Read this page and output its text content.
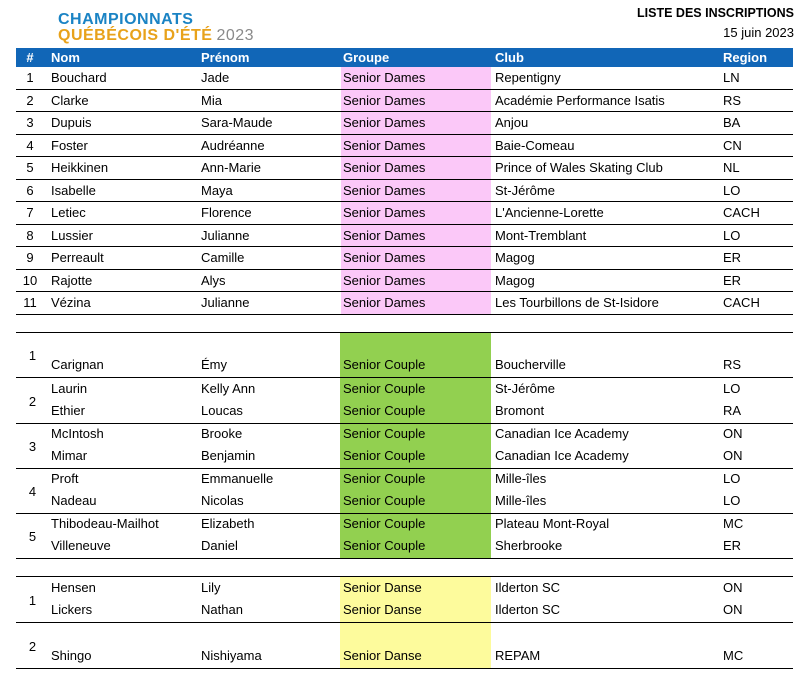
CHAMPIONNATS
QUÉBÉCOIS D'ÉTÉ 2023
LISTE DES INSCRIPTIONS
15 juin 2023
#	Nom	Prénom	Groupe	Club	Region
1	Bouchard	Jade	Senior Dames	Repentigny	LN
2	Clarke	Mia	Senior Dames	Académie Performance Isatis	RS
3	Dupuis	Sara-Maude	Senior Dames	Anjou	BA
4	Foster	Audréanne	Senior Dames	Baie-Comeau	CN
5	Heikkinen	Ann-Marie	Senior Dames	Prince of Wales Skating Club	NL
6	Isabelle	Maya	Senior Dames	St-Jérôme	LO
7	Letiec	Florence	Senior Dames	L'Ancienne-Lorette	CACH
8	Lussier	Julianne	Senior Dames	Mont-Tremblant	LO
9	Perreault	Camille	Senior Dames	Magog	ER
10	Rajotte	Alys	Senior Dames	Magog	ER
11	Vézina	Julianne	Senior Dames	Les Tourbillons de St-Isidore	CACH
1
Carignan	Émy	Senior Couple	Boucherville	RS
2
Laurin	Kelly Ann	Senior Couple	St-Jérôme	LO
Ethier	Loucas	Senior Couple	Bromont	RA
3
McIntosh	Brooke	Senior Couple	Canadian Ice Academy	ON
Mimar	Benjamin	Senior Couple	Canadian Ice Academy	ON
4
Proft	Emmanuelle	Senior Couple	Mille-îles	LO
Nadeau	Nicolas	Senior Couple	Mille-îles	LO
5
Thibodeau-Mailhot	Elizabeth	Senior Couple	Plateau Mont-Royal	MC
Villeneuve	Daniel	Senior Couple	Sherbrooke	ER
1
Hensen	Lily	Senior Danse	Ilderton SC	ON
Lickers	Nathan	Senior Danse	Ilderton SC	ON
2
Shingo	Nishiyama	Senior Danse	REPAM	MC
